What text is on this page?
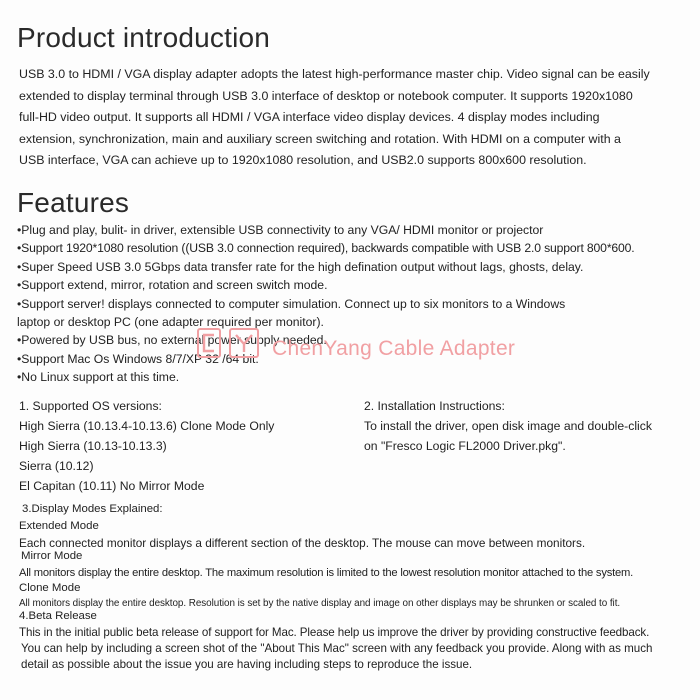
Product introduction
USB 3.0 to HDMI / VGA display adapter adopts the latest high-performance master chip. Video signal can be easily
extended to display terminal through USB 3.0 interface of desktop or notebook computer. It supports 1920x1080
full-HD video output. It supports all HDMI / VGA interface video display devices. 4 display modes including
extension, synchronization, main and auxiliary screen switching and rotation. With HDMI on a computer with a
USB interface, VGA can achieve up to 1920x1080 resolution, and USB2.0 supports 800x600 resolution.
Features
•Plug and play, bulit- in driver, extensible USB connectivity to any VGA/ HDMI monitor or projector
•Support 1920*1080 resolution ((USB 3.0 connection required), backwards compatible with USB 2.0 support 800*600.
•Super Speed USB 3.0 5Gbps data transfer rate for the high defination output without lags, ghosts, delay.
•Support extend, mirror, rotation and screen switch mode.
•Support server! displays connected to computer simulation. Connect up to six monitors to a Windows
laptop or desktop PC (one adapter required per monitor).
•Powered by USB bus, no external power supply needed.
•Support Mac Os Windows 8/7/XP 32 /64 bit.
•No Linux support at this time.
ChenYang Cable Adapter
1. Supported OS versions:
High Sierra (10.13.4-10.13.6) Clone Mode Only
High Sierra (10.13-10.13.3)
Sierra (10.12)
El Capitan (10.11) No Mirror Mode
2. Installation Instructions:
To install the driver, open disk image and double-click
on "Fresco Logic FL2000 Driver.pkg".
3.Display Modes Explained:
Extended Mode
Each connected monitor displays a different section of the desktop. The mouse can move between monitors.
Mirror Mode
All monitors display the entire desktop. The maximum resolution is limited to the lowest resolution monitor attached to the system.
Clone Mode
All monitors display the entire desktop. Resolution is set by the native display and image on other displays may be shrunken or scaled to fit.
4.Beta Release
This in the initial public beta release of support for Mac. Please help us improve the driver by providing constructive feedback.
You can help by including a screen shot of the "About This Mac" screen with any feedback you provide. Along with as much
detail as possible about the issue you are having including steps to reproduce the issue.
